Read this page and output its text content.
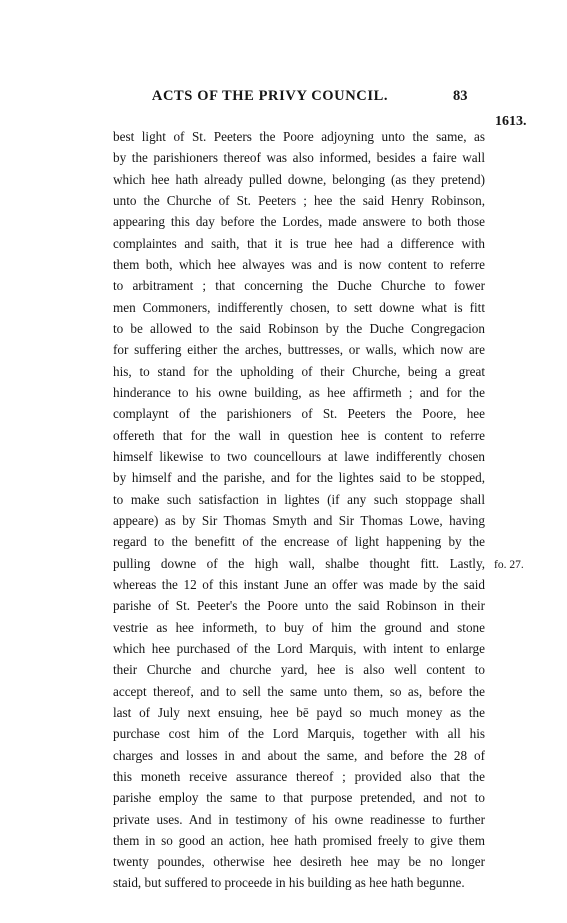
ACTS OF THE PRIVY COUNCIL.	83
1613.
fo. 27.
best light of St. Peeters the Poore adjoyning unto the same, as
by the parishioners thereof was also informed, besides a faire wall
which hee hath already pulled downe, belonging (as they pretend)
unto the Churche of St. Peeters ; hee the said Henry Robinson,
appearing this day before the Lordes, made answere to both those
complaintes and saith, that it is true hee had a difference with
them both, which hee alwayes was and is now content to referre
to arbitrament ; that concerning the Duche Churche to fower
men Commoners, indifferently chosen, to sett downe what is fitt
to be allowed to the said Robinson by the Duche Congregacion
for suffering either the arches, buttresses, or walls, which now are
his, to stand for the upholding of their Churche, being a great
hinderance to his owne building, as hee affirmeth ; and for the
complaynt of the parishioners of St. Peeters the Poore, hee
offereth that for the wall in question hee is content to referre
himself likewise to two councellours at lawe indifferently chosen
by himself and the parishe, and for the lightes said to be stopped,
to make such satisfaction in lightes (if any such stoppage shall
appeare) as by Sir Thomas Smyth and Sir Thomas Lowe, having
regard to the benefitt of the encrease of light happening by the
pulling downe of the high wall, shalbe thought fitt. Lastly,
whereas the 12 of this instant June an offer was made by the said
parishe of St. Peeter's the Poore unto the said Robinson in their
vestrie as hee informeth, to buy of him the ground and stone
which hee purchased of the Lord Marquis, with intent to enlarge
their Churche and churche yard, hee is also well content to
accept thereof, and to sell the same unto them, so as, before the
last of July next ensuing, hee bē payd so much money as the
purchase cost him of the Lord Marquis, together with all his
charges and losses in and about the same, and before the 28 of
this moneth receive assurance thereof ; provided also that the
parishe employ the same to that purpose pretended, and not to
private uses. And in testimony of his owne readinesse to further
them in so good an action, hee hath promised freely to give them
twenty poundes, otherwise hee desireth hee may be no longer
staid, but suffered to proceede in his building as hee hath begunne.
